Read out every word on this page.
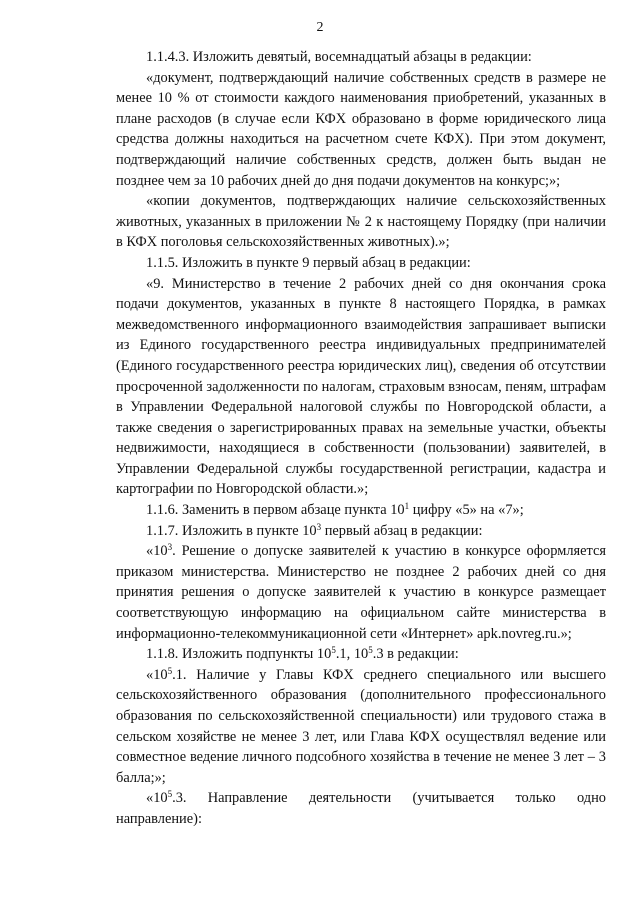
2

1.1.4.3. Изложить девятый, восемнадцатый абзацы в редакции:

«документ, подтверждающий наличие собственных средств в размере не менее 10 % от стоимости каждого наименования приобретений, указанных в плане расходов (в случае если КФХ образовано в форме юридического лица средства должны находиться на расчетном счете КФХ). При этом документ, подтверждающий наличие собственных средств, должен быть выдан не позднее чем за 10 рабочих дней до дня подачи документов на конкурс;»;

«копии документов, подтверждающих наличие сельскохозяйственных животных, указанных в приложении № 2 к настоящему Порядку (при наличии в КФХ поголовья сельскохозяйственных животных).»;

1.1.5. Изложить в пункте 9 первый абзац в редакции:

«9. Министерство в течение 2 рабочих дней со дня окончания срока подачи документов, указанных в пункте 8 настоящего Порядка, в рамках межведомственного информационного взаимодействия запрашивает выписки из Единого государственного реестра индивидуальных предпринимателей (Единого государственного реестра юридических лиц), сведения об отсутствии просроченной задолженности по налогам, страховым взносам, пеням, штрафам в Управлении Федеральной налоговой службы по Новгородской области, а также сведения о зарегистрированных правах на земельные участки, объекты недвижимости, находящиеся в собственности (пользовании) заявителей, в Управлении Федеральной службы государственной регистрации, кадастра и картографии по Новгородской области.»;

1.1.6. Заменить в первом абзаце пункта $10^1$ цифру «5» на «7»;

1.1.7. Изложить в пункте $10^3$ первый абзац в редакции:

«$10^3$. Решение о допуске заявителей к участию в конкурсе оформляется приказом министерства. Министерство не позднее 2 рабочих дней со дня принятия решения о допуске заявителей к участию в конкурсе размещает соответствующую информацию на официальном сайте министерства в информационно-телекоммуникационной сети «Интернет» apk.novreg.ru.»;

1.1.8. Изложить подпункты $10^5.1$, $10^5.3$ в редакции:

«$10^5.1$. Наличие у Главы КФХ среднего специального или высшего сельскохозяйственного образования (дополнительного профессионального образования по сельскохозяйственной специальности) или трудового стажа в сельском хозяйстве не менее 3 лет, или Глава КФХ осуществлял ведение или совместное ведение личного подсобного хозяйства в течение не менее 3 лет – 3 балла;»;

«$10^5.3$. Направление деятельности (учитывается только одно направление):
